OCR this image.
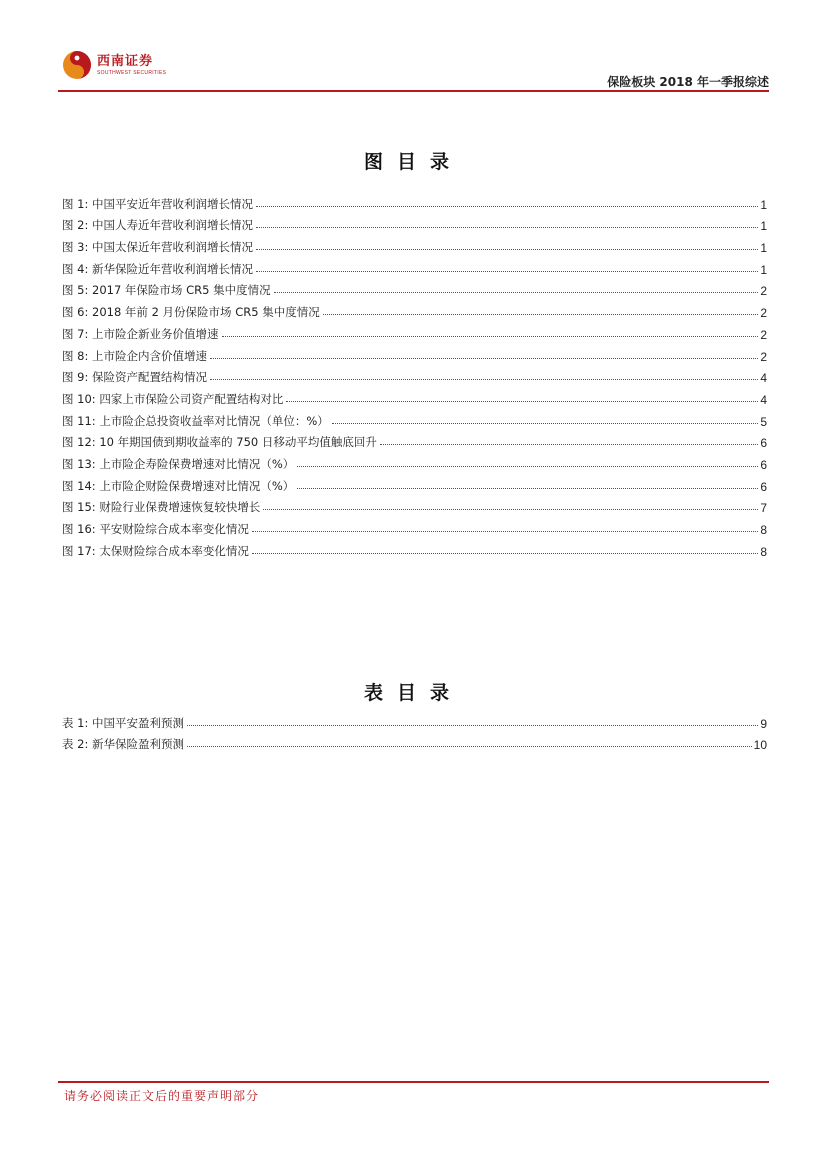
西南证券
SOUTHWEST SECURITIES
保险板块 2018 年一季报综述
图目录
图 1: 中国平安近年营收利润增长情况	1
图 2: 中国人寿近年营收利润增长情况	1
图 3: 中国太保近年营收利润增长情况	1
图 4: 新华保险近年营收利润增长情况	1
图 5: 2017 年保险市场 CR5 集中度情况	2
图 6: 2018 年前 2 月份保险市场 CR5 集中度情况	2
图 7: 上市险企新业务价值增速	2
图 8: 上市险企内含价值增速	2
图 9: 保险资产配置结构情况	4
图 10: 四家上市保险公司资产配置结构对比	4
图 11: 上市险企总投资收益率对比情况（单位：%）	5
图 12: 10 年期国债到期收益率的 750 日移动平均值触底回升	6
图 13: 上市险企寿险保费增速对比情况（%）	6
图 14: 上市险企财险保费增速对比情况（%）	6
图 15: 财险行业保费增速恢复较快增长	7
图 16: 平安财险综合成本率变化情况	8
图 17: 太保财险综合成本率变化情况	8
表目录
表 1: 中国平安盈利预测	9
表 2: 新华保险盈利预测	10
请务必阅读正文后的重要声明部分
